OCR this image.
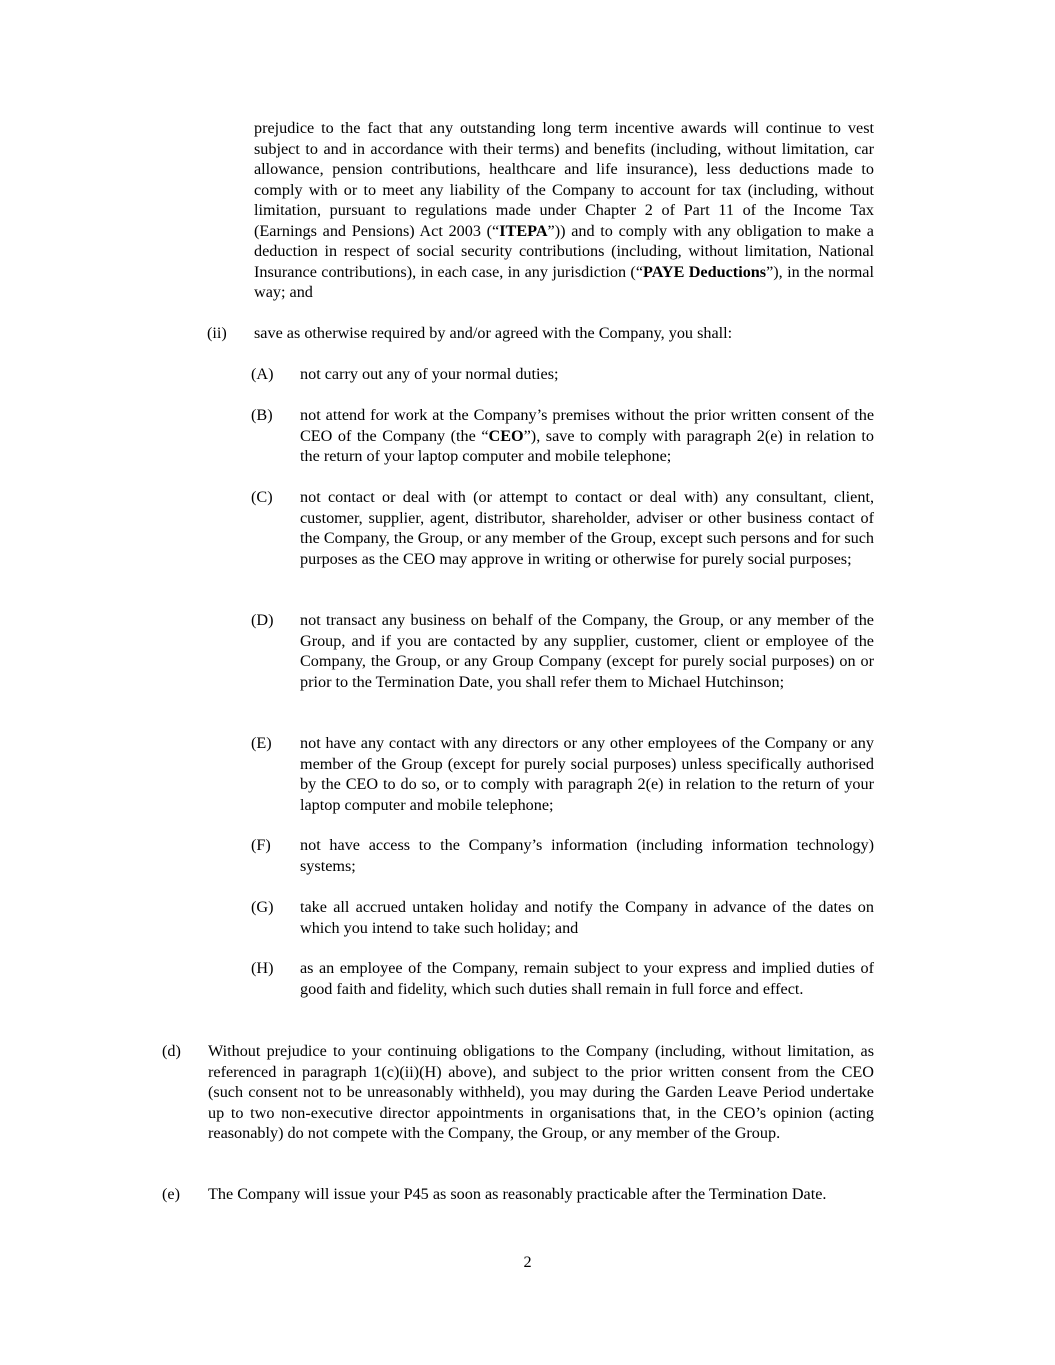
prejudice to the fact that any outstanding long term incentive awards will continue to vest subject to and in accordance with their terms) and benefits (including, without limitation, car allowance, pension contributions, healthcare and life insurance), less deductions made to comply with or to meet any liability of the Company to account for tax (including, without limitation, pursuant to regulations made under Chapter 2 of Part 11 of the Income Tax (Earnings and Pensions) Act 2003 (“ITEPA”)) and to comply with any obligation to make a deduction in respect of social security contributions (including, without limitation, National Insurance contributions), in each case, in any jurisdiction (“PAYE Deductions”), in the normal way; and
(ii) save as otherwise required by and/or agreed with the Company, you shall:
(A) not carry out any of your normal duties;
(B) not attend for work at the Company’s premises without the prior written consent of the CEO of the Company (the “CEO”), save to comply with paragraph 2(e) in relation to the return of your laptop computer and mobile telephone;
(C) not contact or deal with (or attempt to contact or deal with) any consultant, client, customer, supplier, agent, distributor, shareholder, adviser or other business contact of the Company, the Group, or any member of the Group, except such persons and for such purposes as the CEO may approve in writing or otherwise for purely social purposes;
(D) not transact any business on behalf of the Company, the Group, or any member of the Group, and if you are contacted by any supplier, customer, client or employee of the Company, the Group, or any Group Company (except for purely social purposes) on or prior to the Termination Date, you shall refer them to Michael Hutchinson;
(E) not have any contact with any directors or any other employees of the Company or any member of the Group (except for purely social purposes) unless specifically authorised by the CEO to do so, or to comply with paragraph 2(e) in relation to the return of your laptop computer and mobile telephone;
(F) not have access to the Company’s information (including information technology) systems;
(G) take all accrued untaken holiday and notify the Company in advance of the dates on which you intend to take such holiday; and
(H) as an employee of the Company, remain subject to your express and implied duties of good faith and fidelity, which such duties shall remain in full force and effect.
(d) Without prejudice to your continuing obligations to the Company (including, without limitation, as referenced in paragraph 1(c)(ii)(H) above), and subject to the prior written consent from the CEO (such consent not to be unreasonably withheld), you may during the Garden Leave Period undertake up to two non-executive director appointments in organisations that, in the CEO’s opinion (acting reasonably) do not compete with the Company, the Group, or any member of the Group.
(e) The Company will issue your P45 as soon as reasonably practicable after the Termination Date.
2
